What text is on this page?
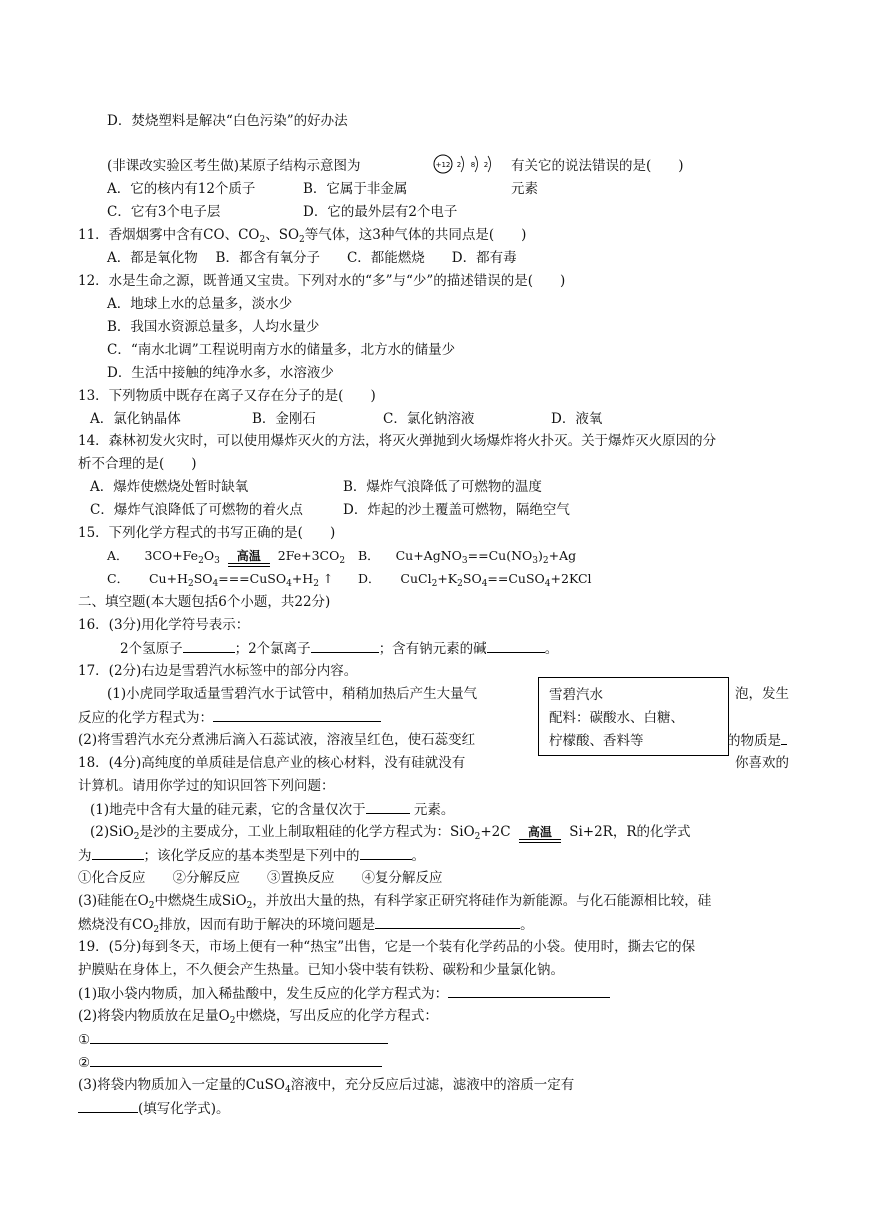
D．焚烧塑料是解决“白色污染”的好办法
(非课改实验区考生做)某原子结构示意图为	+12 2 8 2 有关它的说法错误的是(　　)
A．它的核内有12个质子	B．它属于非金属	元素
C．它有3个电子层	D．它的最外层有2个电子
11．香烟烟雾中含有CO、$CO_2$、$SO_2$等气体，这3种气体的共同点是(　　)
A．都是氧化物　 B．都含有氧分子　　C．都能燃烧　　D．都有毒
12．水是生命之源，既普通又宝贵。下列对水的“多”与“少”的描述错误的是(　　)
A．地球上水的总量多，淡水少
B．我国水资源总量多，人均水量少
C．“南水北调”工程说明南方水的储量多，北方水的储量少
D．生活中接触的纯净水多，水溶液少
13．下列物质中既存在离子又存在分子的是(　　)
A．氯化钠晶体	B．金刚石	C．氯化钠溶液	D．液氧
14．森林初发火灾时，可以使用爆炸灭火的方法，将灭火弹抛到火场爆炸将火扑灭。关于爆炸灭火原因的分
析不合理的是(　　)
A．爆炸使燃烧处暂时缺氧	B．爆炸气浪降低了可燃物的温度
C．爆炸气浪降低了可燃物的着火点	D．炸起的沙土覆盖可燃物，隔绝空气
15．下列化学方程式的书写正确的是(　　)
A． $3CO+Fe_2O_3$	高温	$2Fe+3CO_2$ B． $Cu+AgNO_3==Cu(NO_3)_2+Ag$
C． $Cu+H_2SO_4===CuSO_4+H_2$ ↑ D． $CuCl_2+K_2SO_4==CuSO_4+2KCl$
二、填空题(本大题包括6个小题，共22分)
16．(3分)用化学符号表示：
2个氢原子	；2个氯离子	；含有钠元素的碱	。
17．(2分)右边是雪碧汽水标签中的部分内容。
(1)小虎同学取适量雪碧汽水于试管中，稍稍加热后产生大量气	泡，发生
反应的化学方程式为：
(2)将雪碧汽水充分煮沸后滴入石蕊试液，溶液呈红色，使石蕊变红	的物质是
雪碧汽水
配料：碳酸水、白糖、
柠檬酸、香料等
18．(4分)高纯度的单质硅是信息产业的核心材料，没有硅就没有	你喜欢的
计算机。请用你学过的知识回答下列问题：
(1)地壳中含有大量的硅元素，它的含量仅次于	元素。
(2)SiO$_2$是沙的主要成分，工业上制取粗硅的化学方程式为：SiO$_2$+2C	高温	Si+2R，R的化学式
为	；该化学反应的基本类型是下列中的	。
①化合反应　　②分解反应　　③置换反应　　④复分解反应
(3)硅能在$O_2$中燃烧生成SiO$_2$，并放出大量的热，有科学家正研究将硅作为新能源。与化石能源相比较，硅
燃烧没有$CO_2$排放，因而有助于解决的环境问题是	。
19．(5分)每到冬天，市场上便有一种“热宝”出售，它是一个装有化学药品的小袋。使用时，撕去它的保
护膜贴在身体上，不久便会产生热量。已知小袋中装有铁粉、碳粉和少量氯化钠。
(1)取小袋内物质，加入稀盐酸中，发生反应的化学方程式为：
(2)将袋内物质放在足量$O_2$中燃烧，写出反应的化学方程式：
①
②
(3)将袋内物质加入一定量的CuSO$_4$溶液中，充分反应后过滤，滤液中的溶质一定有
(填写化学式)。
